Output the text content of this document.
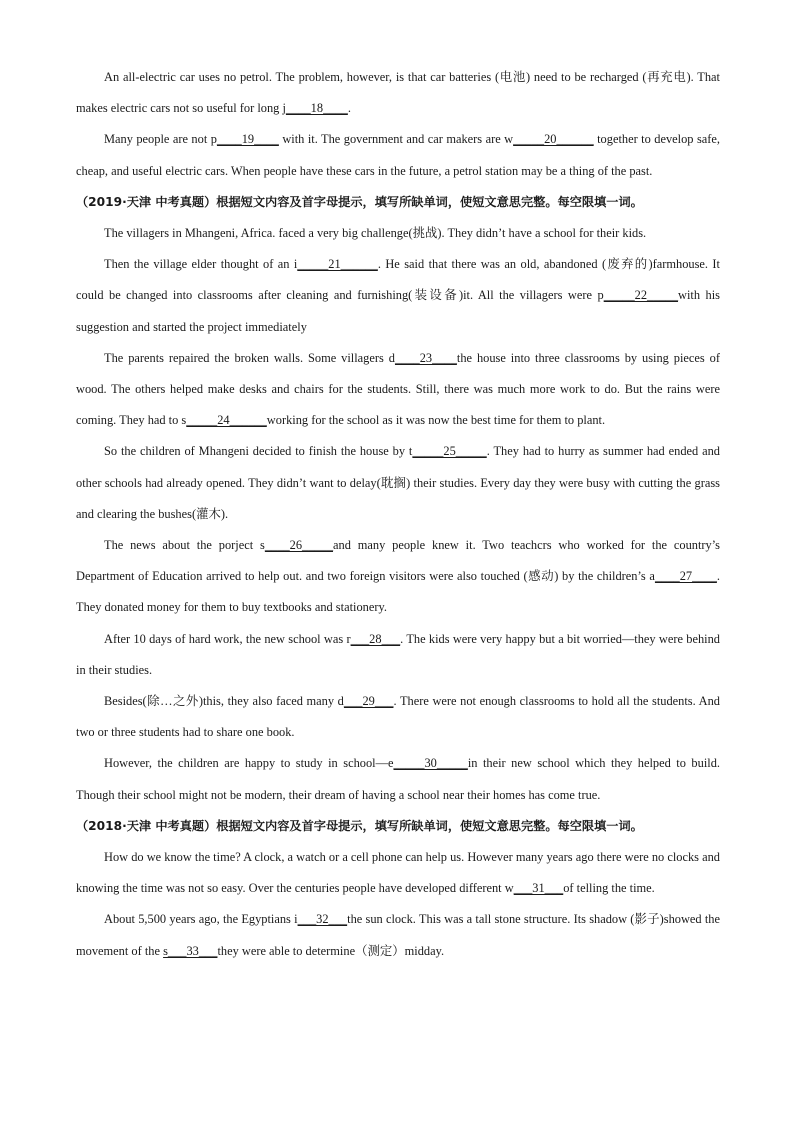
An all-electric car uses no petrol. The problem, however, is that car batteries (电池) need to be recharged (再充电). That makes electric cars not so useful for long j____18____.

Many people are not p____19____ with it. The government and car makers are w_____20______ together to develop safe, cheap, and useful electric cars. When people have these cars in the future, a petrol station may be a thing of the past.

（2019·天津 中考真题）根据短文内容及首字母提示，填写所缺单词，使短文意思完整。每空限填一词。

The villagers in Mhangeni, Africa. faced a very big challenge(挑战). They didn’t have a school for their kids.

Then the village elder thought of an i_____21______. He said that there was an old, abandoned (废弃的)farmhouse. It could be changed into classrooms after cleaning and furnishing(装设备)it. All the villagers were p_____22_____with his suggestion and started the project immediately

The parents repaired the broken walls. Some villagers d____23____the house into three classrooms by using pieces of wood. The others helped make desks and chairs for the students. Still, there was much more work to do. But the rains were coming. They had to s_____24______working for the school as it was now the best time for them to plant.

So the children of Mhangeni decided to finish the house by t_____25_____. They had to hurry as summer had ended and other schools had already opened. They didn’t want to delay(耽搁) their studies. Every day they were busy with cutting the grass and clearing the bushes(灌木).

The news about the porject s____26_____and many people knew it. Two teachcrs who worked for the country’s Department of Education arrived to help out. and two foreign visitors were also touched (感动) by the children’s a____27____. They donated money for them to buy textbooks and stationery.

After 10 days of hard work, the new school was r___28___. The kids were very happy but a bit worried—they were behind in their studies.

Besides(除…之外)this, they also faced many d___29___. There were not enough classrooms to hold all the students. And two or three students had to share one book.

However, the children are happy to study in school—e_____30_____in their new school which they helped to build. Though their school might not be modern, their dream of having a school near their homes has come true.

（2018·天津 中考真题）根据短文内容及首字母提示，填写所缺单词，使短文意思完整。每空限填一词。

How do we know the time? A clock, a watch or a cell phone can help us. However many years ago there were no clocks and knowing the time was not so easy. Over the centuries people have developed different w___31___of telling the time.

About 5,500 years ago, the Egyptians i___32___the sun clock. This was a tall stone structure. Its shadow (影子)showed the movement of the s___33___they were able to determine（测定）midday.
